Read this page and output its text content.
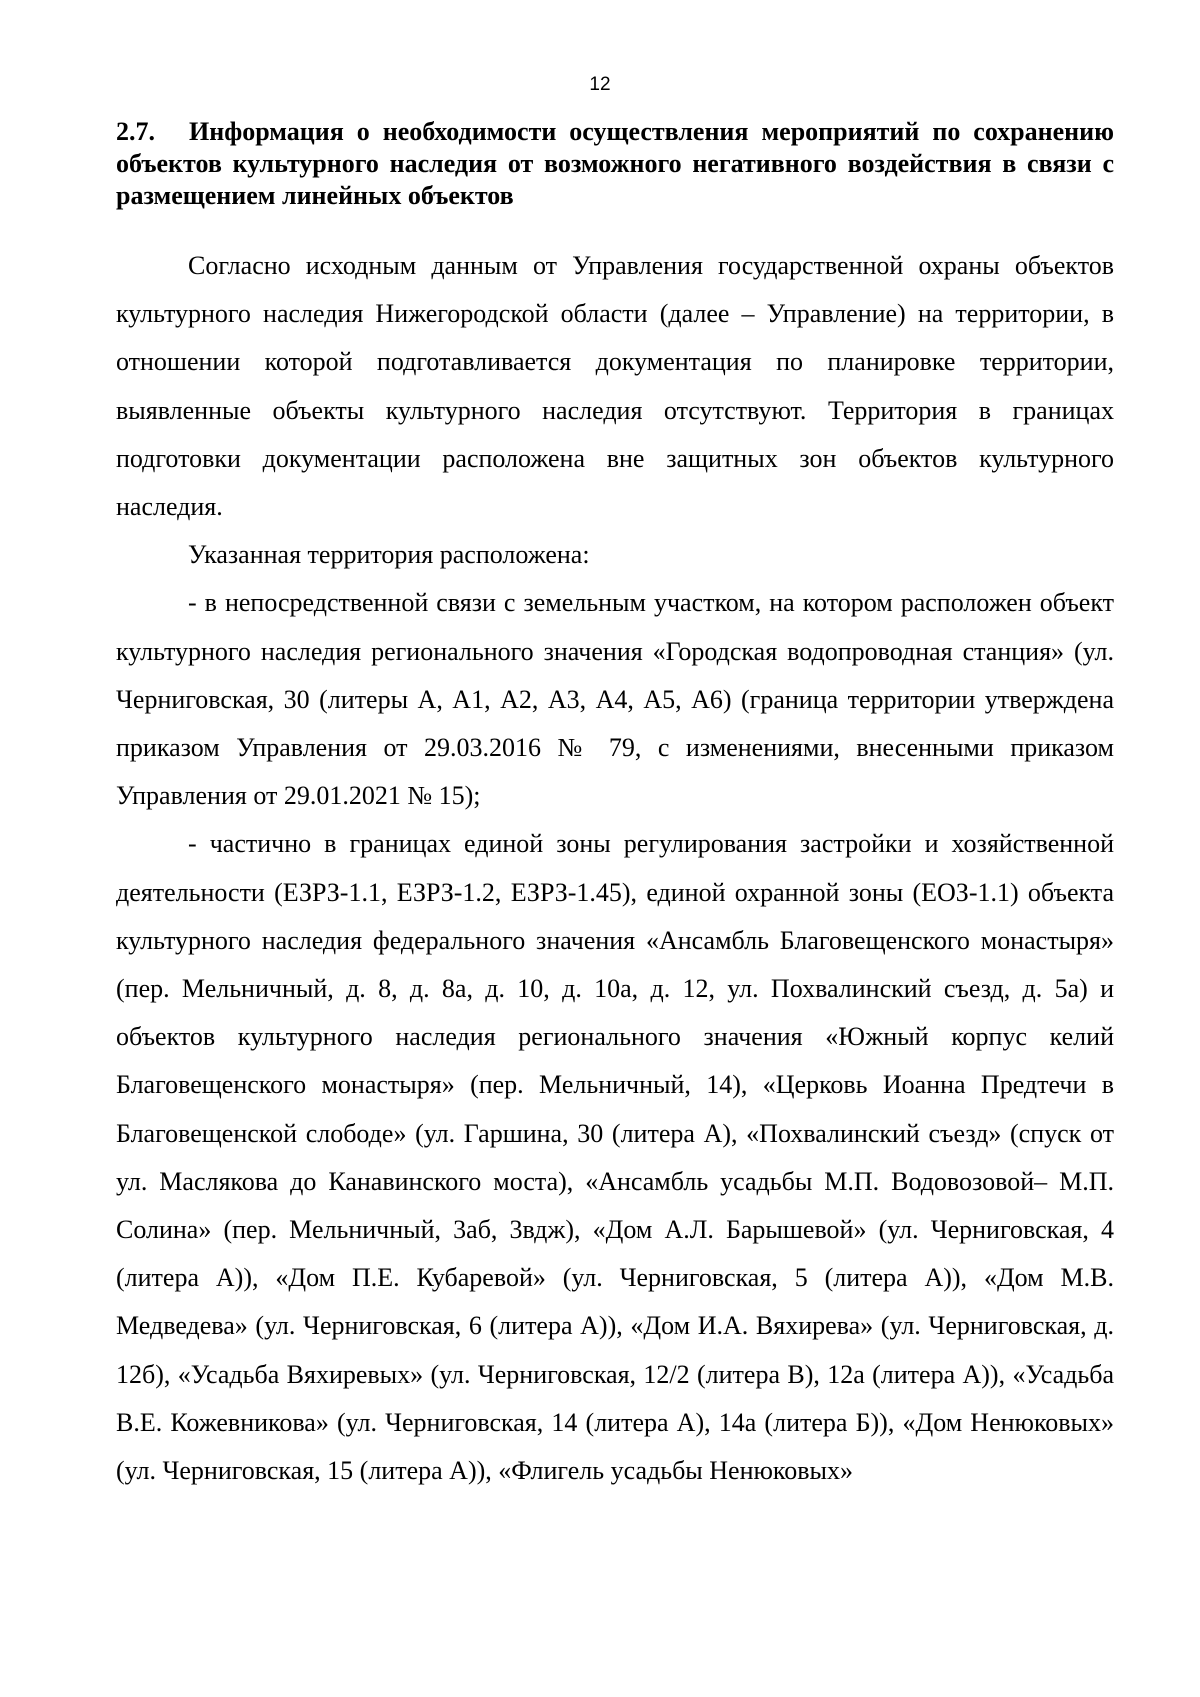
12
2.7. Информация о необходимости осуществления мероприятий по сохранению объектов культурного наследия от возможного негативного воздействия в связи с размещением линейных объектов

Согласно исходным данным от Управления государственной охраны объектов культурного наследия Нижегородской области (далее – Управление) на территории, в отношении которой подготавливается документация по планировке территории, выявленные объекты культурного наследия отсутствуют. Территория в границах подготовки документации расположена вне защитных зон объектов культурного наследия.

Указанная территория расположена:

- в непосредственной связи с земельным участком, на котором расположен объект культурного наследия регионального значения «Городская водопроводная станция» (ул. Черниговская, 30 (литеры А, А1, А2, А3, А4, А5, А6) (граница территории утверждена приказом Управления от 29.03.2016 № 79, с изменениями, внесенными приказом Управления от 29.01.2021 № 15);

- частично в границах единой зоны регулирования застройки и хозяйственной деятельности (ЕЗРЗ-1.1, ЕЗРЗ-1.2, ЕЗРЗ-1.45), единой охранной зоны (ЕОЗ-1.1) объекта культурного наследия федерального значения «Ансамбль Благовещенского монастыря» (пер. Мельничный, д. 8, д. 8а, д. 10, д. 10а, д. 12, ул. Похвалинский съезд, д. 5а) и объектов культурного наследия регионального значения «Южный корпус келий Благовещенского монастыря» (пер. Мельничный, 14), «Церковь Иоанна Предтечи в Благовещенской слободе» (ул. Гаршина, 30 (литера А), «Похвалинский съезд» (спуск от ул. Маслякова до Канавинского моста), «Ансамбль усадьбы М.П. Водовозовой– М.П. Солина» (пер. Мельничный, 3аб, 3вдж), «Дом А.Л. Барышевой» (ул. Черниговская, 4 (литера А)), «Дом П.Е. Кубаревой» (ул. Черниговская, 5 (литера А)), «Дом М.В. Медведева» (ул. Черниговская, 6 (литера А)), «Дом И.А. Вяхирева» (ул. Черниговская, д. 12б), «Усадьба Вяхиревых» (ул. Черниговская, 12/2 (литера В), 12а (литера А)), «Усадьба В.Е. Кожевникова» (ул. Черниговская, 14 (литера А), 14а (литера Б)), «Дом Ненюковых» (ул. Черниговская, 15 (литера А)), «Флигель усадьбы Ненюковых»
